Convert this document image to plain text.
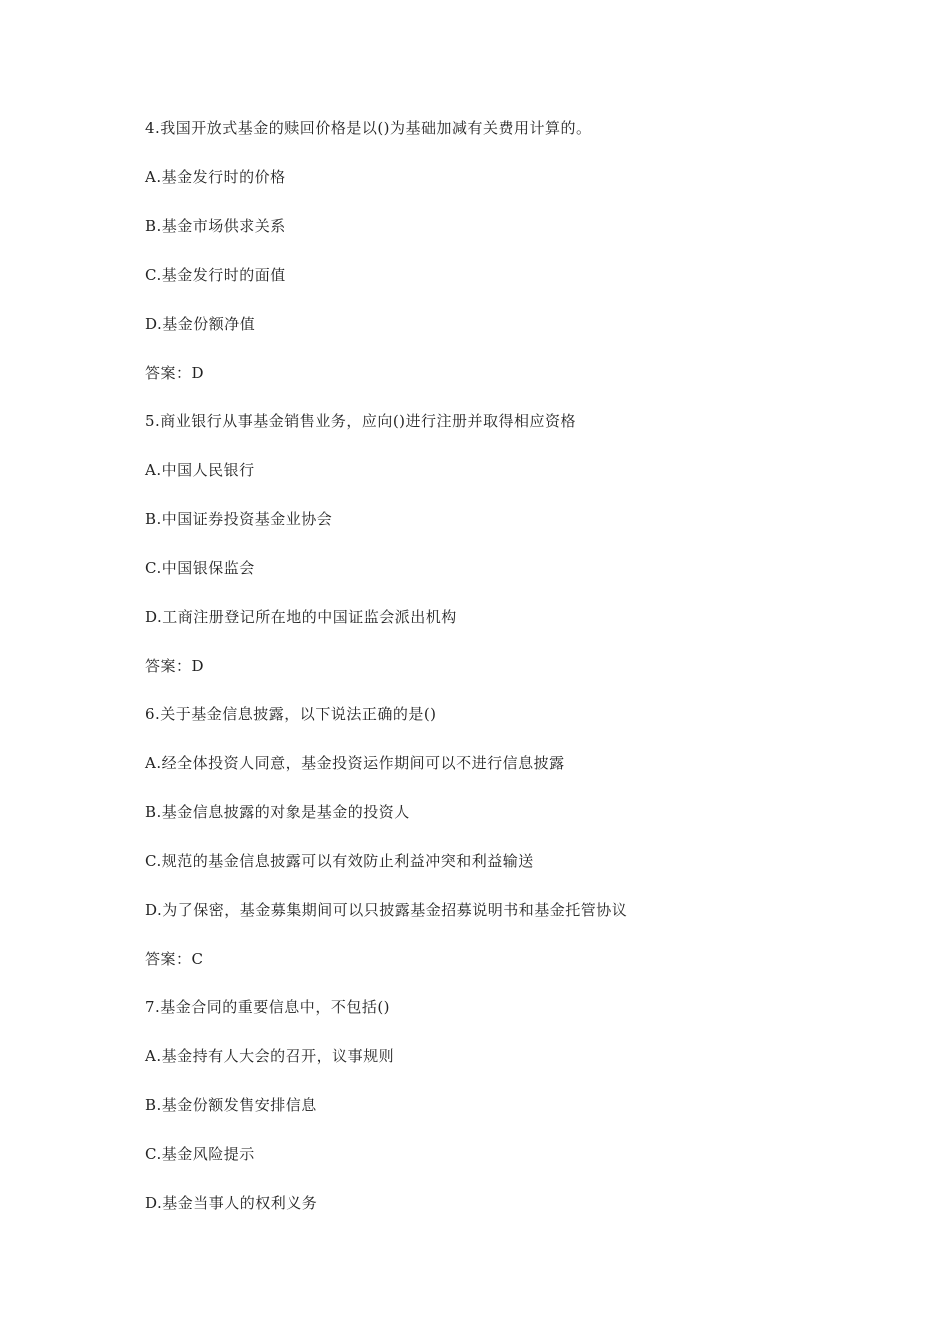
4.我国开放式基金的赎回价格是以()为基础加减有关费用计算的。

A.基金发行时的价格

B.基金市场供求关系

C.基金发行时的面值

D.基金份额净值

答案：D

5.商业银行从事基金销售业务，应向()进行注册并取得相应资格

A.中国人民银行

B.中国证券投资基金业协会

C.中国银保监会

D.工商注册登记所在地的中国证监会派出机构

答案：D

6.关于基金信息披露，以下说法正确的是()

A.经全体投资人同意，基金投资运作期间可以不进行信息披露

B.基金信息披露的对象是基金的投资人

C.规范的基金信息披露可以有效防止利益冲突和利益输送

D.为了保密，基金募集期间可以只披露基金招募说明书和基金托管协议

答案：C

7.基金合同的重要信息中，不包括()

A.基金持有人大会的召开，议事规则

B.基金份额发售安排信息

C.基金风险提示

D.基金当事人的权利义务
